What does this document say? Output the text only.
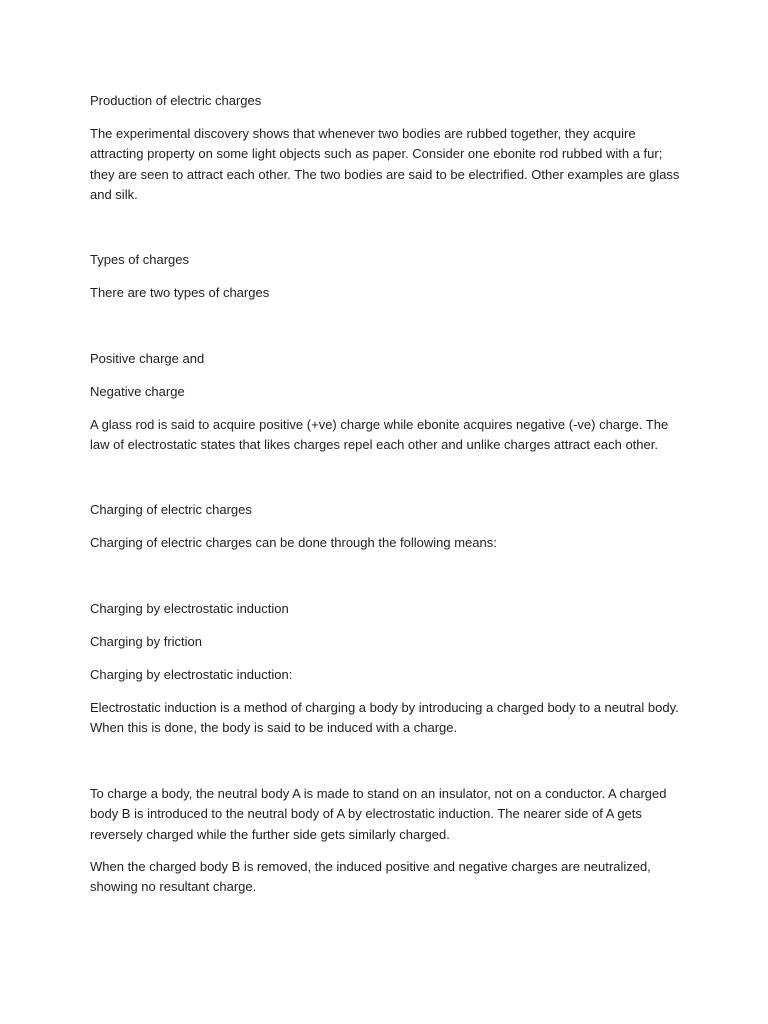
Production of electric charges

The experimental discovery shows that whenever two bodies are rubbed together, they acquire attracting property on some light objects such as paper. Consider one ebonite rod rubbed with a fur; they are seen to attract each other. The two bodies are said to be electrified. Other examples are glass and silk.

Types of charges

There are two types of charges

Positive charge and

Negative charge

A glass rod is said to acquire positive (+ve) charge while ebonite acquires negative (-ve) charge. The law of electrostatic states that likes charges repel each other and unlike charges attract each other.

Charging of electric charges

Charging of electric charges can be done through the following means:

Charging by electrostatic induction

Charging by friction

Charging by electrostatic induction:

Electrostatic induction is a method of charging a body by introducing a charged body to a neutral body. When this is done, the body is said to be induced with a charge.

To charge a body, the neutral body A is made to stand on an insulator, not on a conductor. A charged body B is introduced to the neutral body of A by electrostatic induction. The nearer side of A gets reversely charged while the further side gets similarly charged.

When the charged body B is removed, the induced positive and negative charges are neutralized, showing no resultant charge.
